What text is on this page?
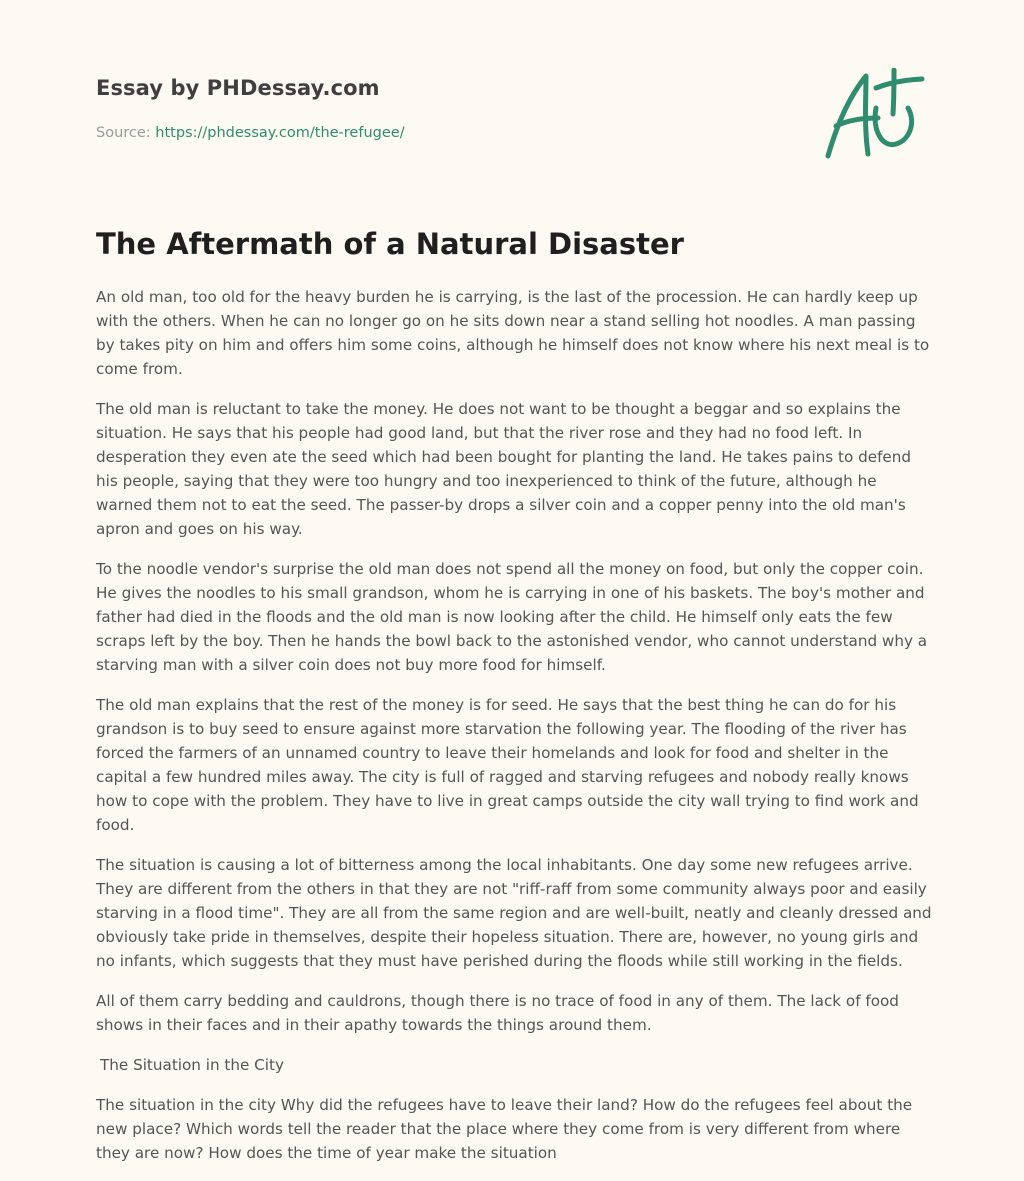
Essay by PHDessay.com
Source: https://phdessay.com/the-refugee/
The Aftermath of a Natural Disaster

An old man, too old for the heavy burden he is carrying, is the last of the procession. He can hardly keep up with the others. When he can no longer go on he sits down near a stand selling hot noodles. A man passing by takes pity on him and offers him some coins, although he himself does not know where his next meal is to come from.

The old man is reluctant to take the money. He does not want to be thought a beggar and so explains the situation. He says that his people had good land, but that the river rose and they had no food left. In desperation they even ate the seed which had been bought for planting the land. He takes pains to defend his people, saying that they were too hungry and too inexperienced to think of the future, although he warned them not to eat the seed. The passer-by drops a silver coin and a copper penny into the old man's apron and goes on his way.

To the noodle vendor's surprise the old man does not spend all the money on food, but only the copper coin. He gives the noodles to his small grandson, whom he is carrying in one of his baskets. The boy's mother and father had died in the floods and the old man is now looking after the child. He himself only eats the few scraps left by the boy. Then he hands the bowl back to the astonished vendor, who cannot understand why a starving man with a silver coin does not buy more food for himself.

The old man explains that the rest of the money is for seed. He says that the best thing he can do for his grandson is to buy seed to ensure against more starvation the following year. The flooding of the river has forced the farmers of an unnamed country to leave their homelands and look for food and shelter in the capital a few hundred miles away. The city is full of ragged and starving refugees and nobody really knows how to cope with the problem. They have to live in great camps outside the city wall trying to find work and food.

The situation is causing a lot of bitterness among the local inhabitants. One day some new refugees arrive. They are different from the others in that they are not "riff-raff from some community always poor and easily starving in a flood time". They are all from the same region and are well-built, neatly and cleanly dressed and obviously take pride in themselves, despite their hopeless situation. There are, however, no young girls and no infants, which suggests that they must have perished during the floods while still working in the fields.

All of them carry bedding and cauldrons, though there is no trace of food in any of them. The lack of food shows in their faces and in their apathy towards the things around them.

The Situation in the City

The situation in the city Why did the refugees have to leave their land? How do the refugees feel about the new place? Which words tell the reader that the place where they come from is very different from where they are now? How does the time of year make the situation
